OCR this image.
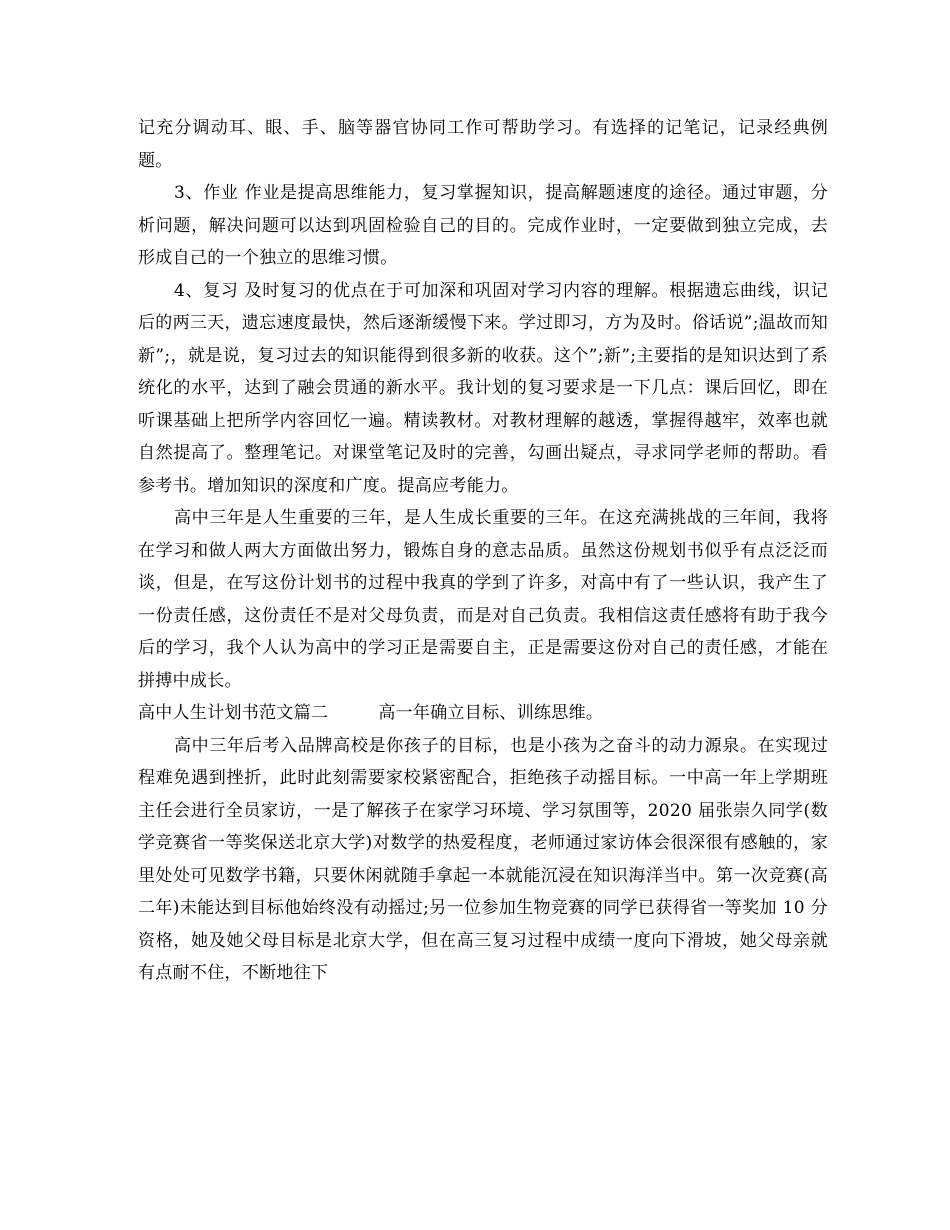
记充分调动耳、眼、手、脑等器官协同工作可帮助学习。有选择的记笔记，记录经典例题。

3、作业 作业是提高思维能力，复习掌握知识，提高解题速度的途径。通过审题，分析问题，解决问题可以达到巩固检验自己的目的。完成作业时，一定要做到独立完成，去形成自己的一个独立的思维习惯。

4、复习 及时复习的优点在于可加深和巩固对学习内容的理解。根据遗忘曲线，识记后的两三天，遗忘速度最快，然后逐渐缓慢下来。学过即习，方为及时。俗话说”;温故而知新”;，就是说，复习过去的知识能得到很多新的收获。这个”;新”;主要指的是知识达到了系统化的水平，达到了融会贯通的新水平。我计划的复习要求是一下几点：课后回忆，即在听课基础上把所学内容回忆一遍。精读教材。对教材理解的越透，掌握得越牢，效率也就自然提高了。整理笔记。对课堂笔记及时的完善，勾画出疑点，寻求同学老师的帮助。看参考书。增加知识的深度和广度。提高应考能力。

高中三年是人生重要的三年，是人生成长重要的三年。在这充满挑战的三年间，我将在学习和做人两大方面做出努力，锻炼自身的意志品质。虽然这份规划书似乎有点泛泛而谈，但是，在写这份计划书的过程中我真的学到了许多，对高中有了一些认识，我产生了一份责任感，这份责任不是对父母负责，而是对自己负责。我相信这责任感将有助于我今后的学习，我个人认为高中的学习正是需要自主，正是需要这份对自己的责任感，才能在拼搏中成长。

高中人生计划书范文篇二	高一年确立目标、训练思维。

高中三年后考入品牌高校是你孩子的目标，也是小孩为之奋斗的动力源泉。在实现过程难免遇到挫折，此时此刻需要家校紧密配合，拒绝孩子动摇目标。一中高一年上学期班主任会进行全员家访，一是了解孩子在家学习环境、学习氛围等，2020 届张崇久同学(数学竞赛省一等奖保送北京大学)对数学的热爱程度，老师通过家访体会很深很有感触的，家里处处可见数学书籍，只要休闲就随手拿起一本就能沉浸在知识海洋当中。第一次竞赛(高二年)未能达到目标他始终没有动摇过;另一位参加生物竞赛的同学已获得省一等奖加 10 分资格，她及她父母目标是北京大学，但在高三复习过程中成绩一度向下滑坡，她父母亲就有点耐不住，不断地往下
